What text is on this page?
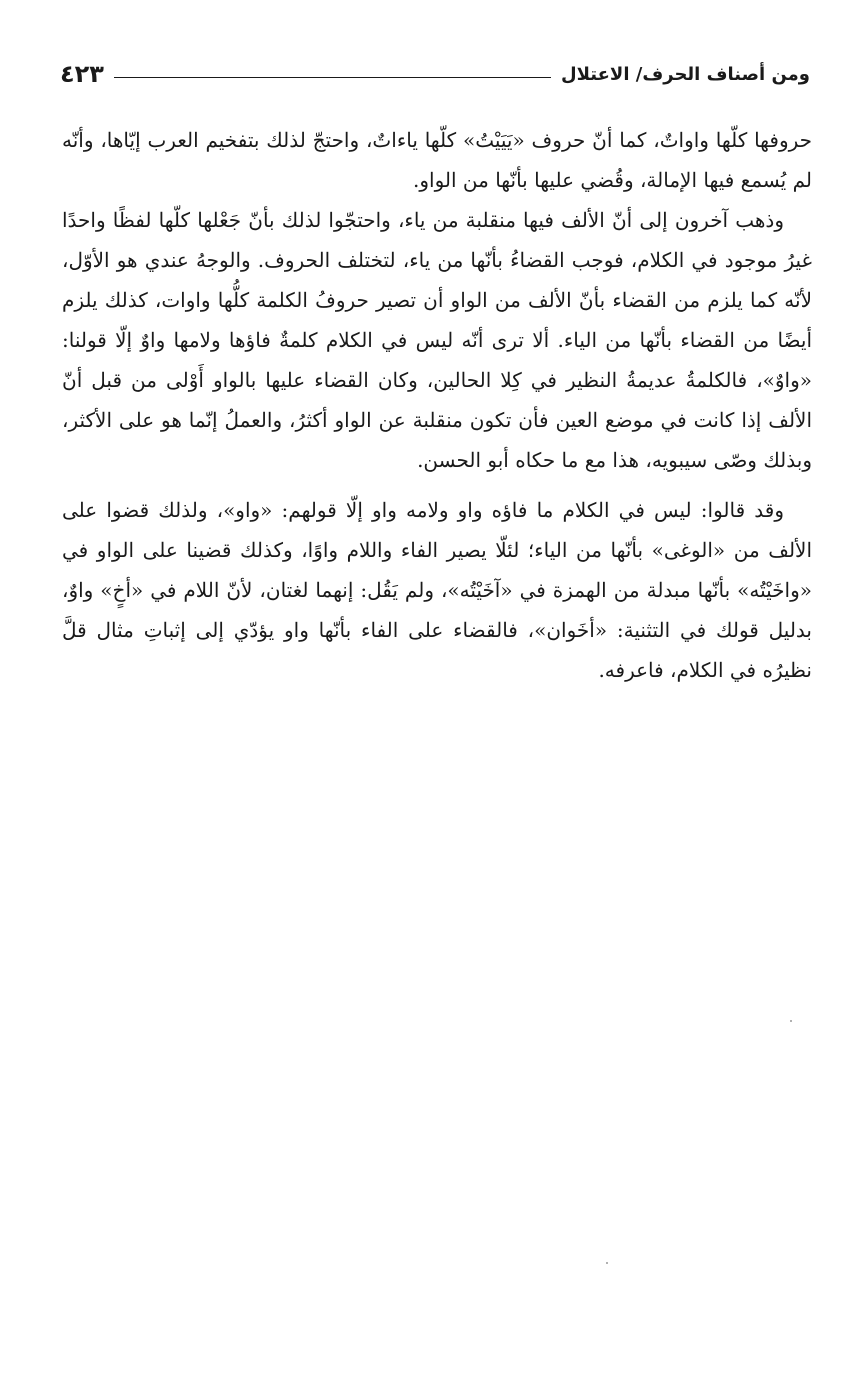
ومن أصناف الحرف/ الاعتلال
٤٢٣

حروفها كلّها واواتٌ، كما أنّ حروف «يَيَيْتُ» كلّها ياءاتٌ، واحتجّ لذلك بتفخيم العرب إيّاها، وأنّه لم يُسمع فيها الإمالة، وقُضي عليها بأنّها من الواو.

وذهب آخرون إلى أنّ الألف فيها منقلبة من ياء، واحتجّوا لذلك بأنّ جَعْلها كلّها لفظًا واحدًا غيرُ موجود في الكلام، فوجب القضاءُ بأنّها من ياء، لتختلف الحروف. والوجهُ عندي هو الأوّل، لأنّه كما يلزم من القضاء بأنّ الألف من الواو أن تصير حروفُ الكلمة كلُّها واوات، كذلك يلزم أيضًا من القضاء بأنّها من الياء. ألا ترى أنّه ليس في الكلام كلمةٌ فاؤها ولامها واوٌ إلّا قولنا: «واوٌ»، فالكلمةُ عديمةُ النظير في كِلا الحالين، وكان القضاء عليها بالواو أَوْلى من قبل أنّ الألف إذا كانت في موضع العين فأن تكون منقلبة عن الواو أكثرُ، والعملُ إنّما هو على الأكثر، وبذلك وصّى سيبويه، هذا مع ما حكاه أبو الحسن.

وقد قالوا: ليس في الكلام ما فاؤه واو ولامه واو إلّا قولهم: «واو»، ولذلك قضوا على الألف من «الوغى» بأنّها من الياء؛ لئلّا يصير الفاء واللام واوًا، وكذلك قضينا على الواو في «واخَيْتُه» بأنّها مبدلة من الهمزة في «آخَيْتُه»، ولم يَقُل: إنهما لغتان، لأنّ اللام في «أخٍ» واوٌ، بدليل قولك في التثنية: «أخَوان»، فالقضاء على الفاء بأنّها واو يؤدّي إلى إثباتِ مثال قلَّ نظيرُه في الكلام، فاعرفه.
